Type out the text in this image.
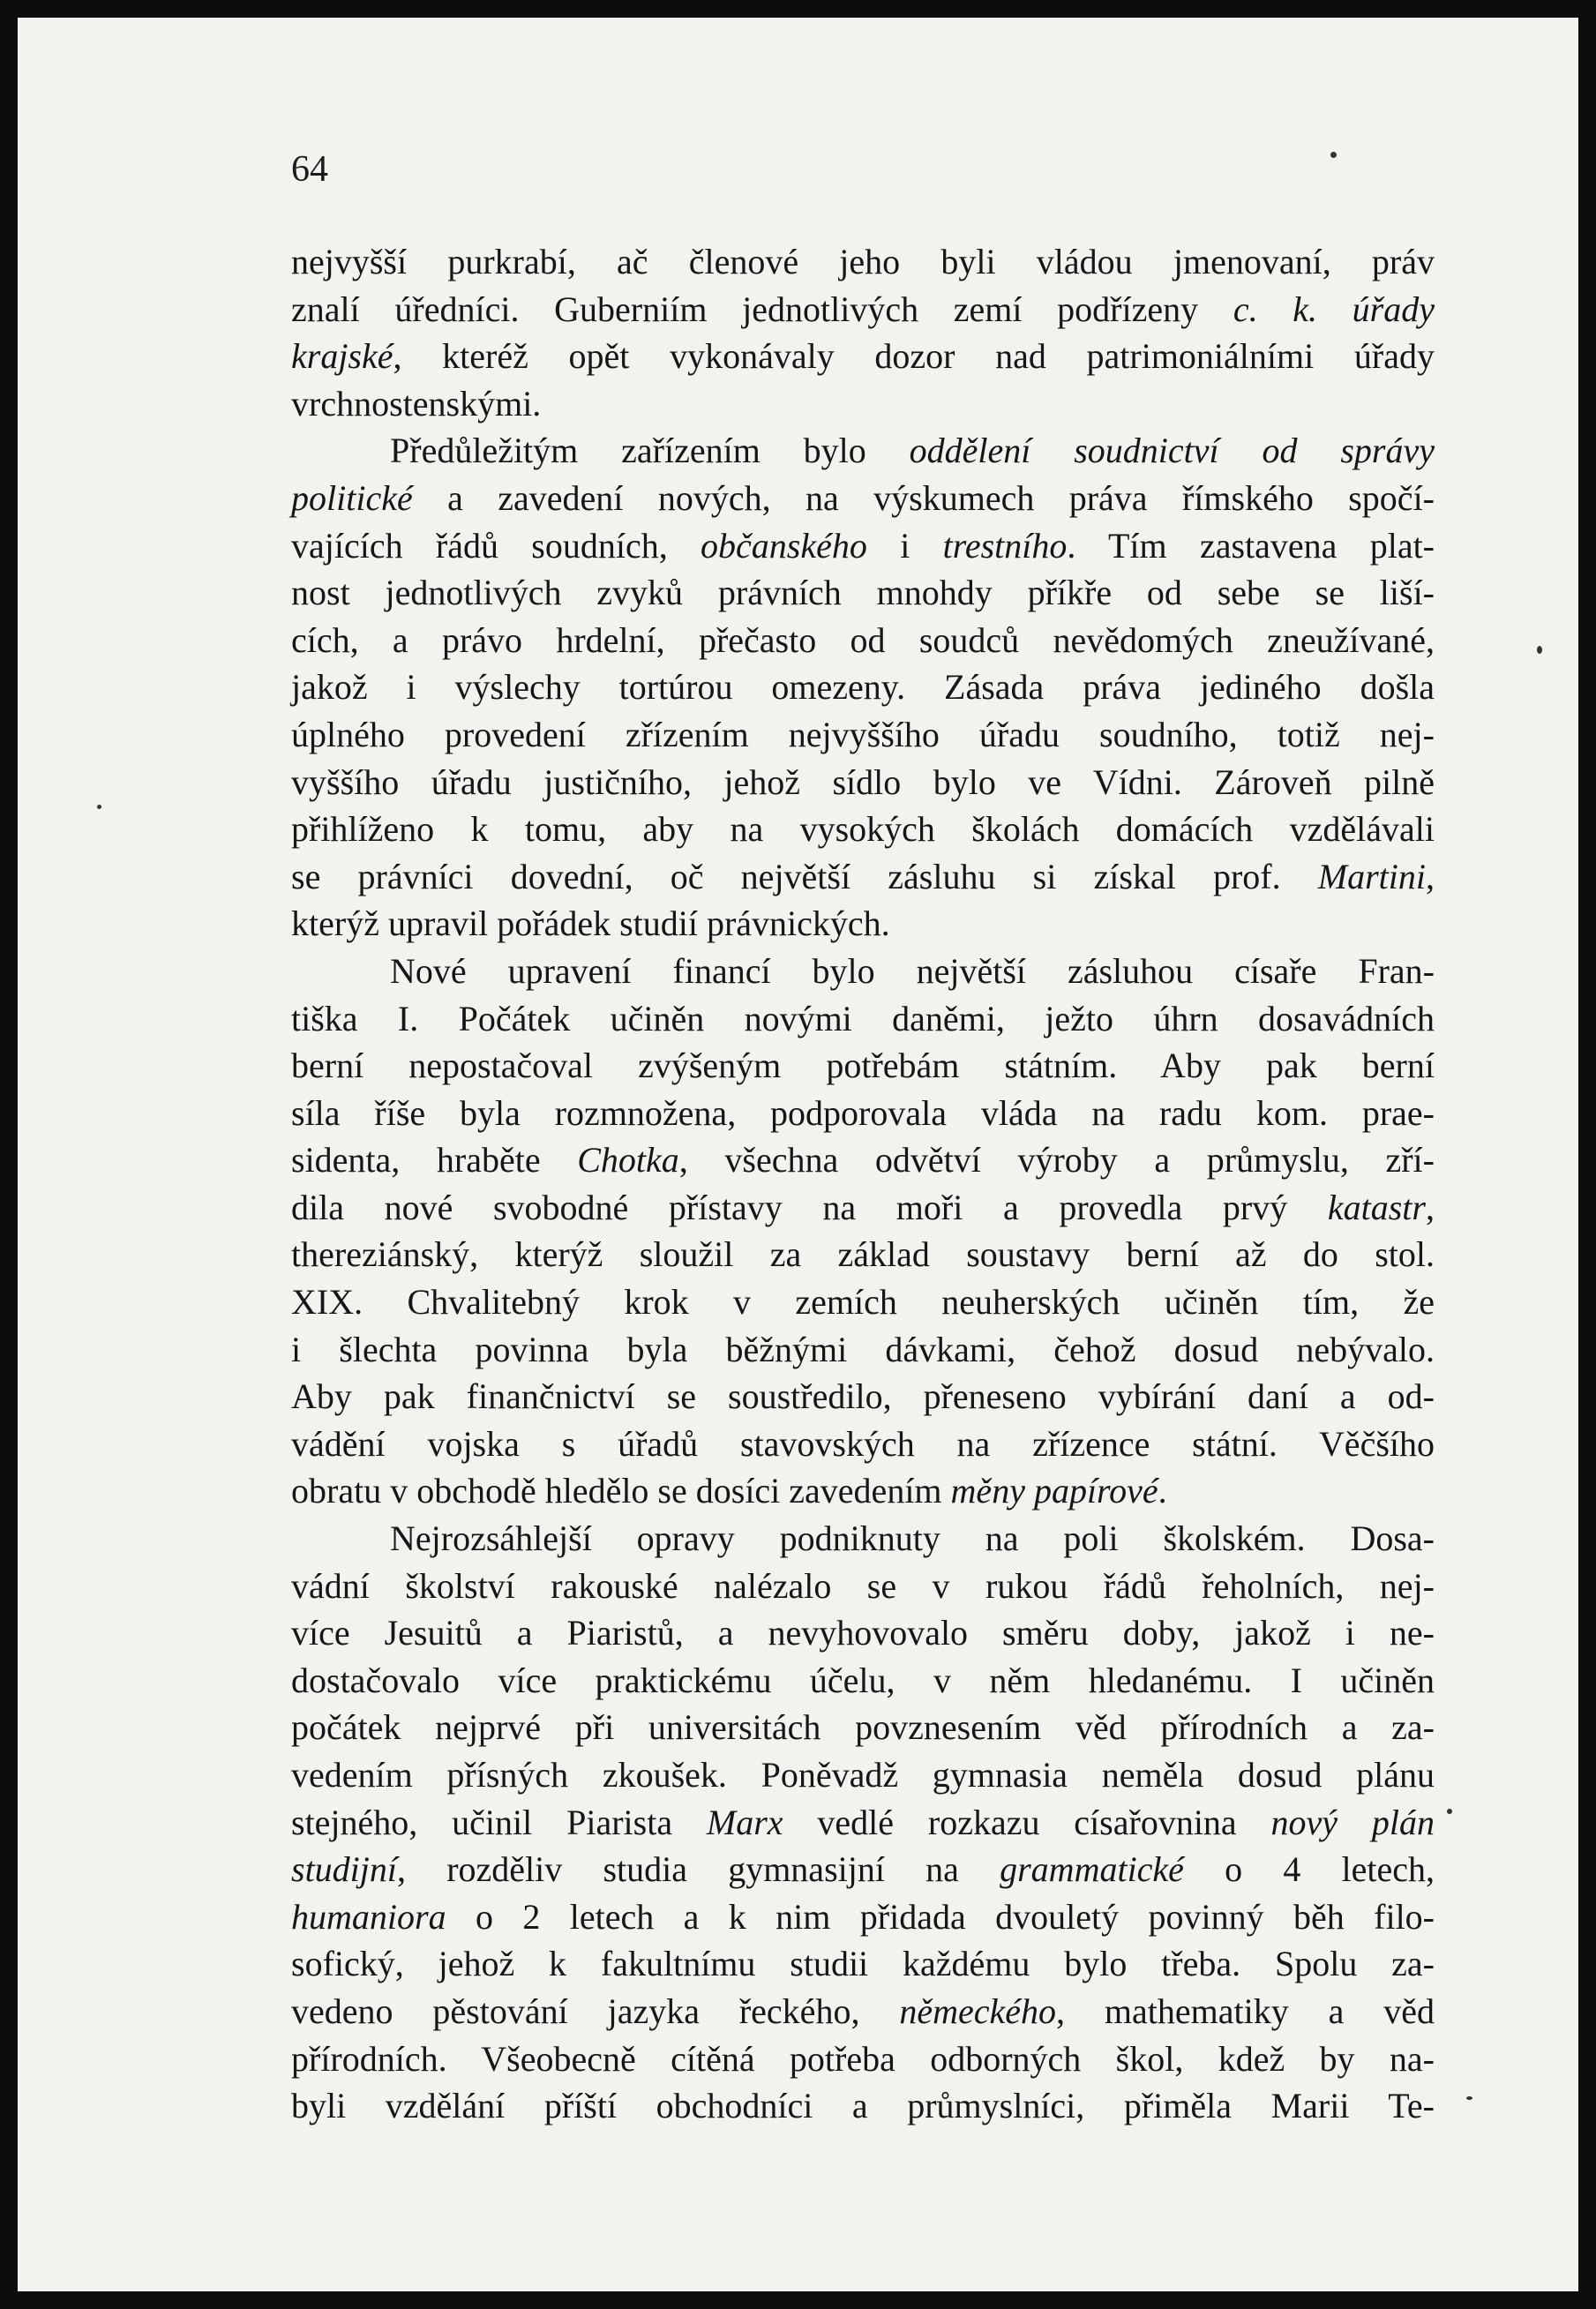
64
nejvyšší purkrabí, ač členové jeho byli vládou jmenovaní, práv
znalí úředníci. Guberniím jednotlivých zemí podřízeny c. k. úřady
krajské, kteréž opět vykonávaly dozor nad patrimoniálními úřady
vrchnostenskými.
Předůležitým zařízením bylo oddělení soudnictví od správy
politické a zavedení nových, na výskumech práva římského spočí-
vajících řádů soudních, občanského i trestního. Tím zastavena plat-
nost jednotlivých zvyků právních mnohdy příkře od sebe se liší-
cích, a právo hrdelní, přečasto od soudců nevědomých zneužívané,
jakož i výslechy tortúrou omezeny. Zásada práva jediného došla
úplného provedení zřízením nejvyššího úřadu soudního, totiž nej-
vyššího úřadu justičního, jehož sídlo bylo ve Vídni. Zároveň pilně
přihlíženo k tomu, aby na vysokých školách domácích vzdělávali
se právníci dovední, oč největší zásluhu si získal prof. Martini,
kterýž upravil pořádek studií právnických.
Nové upravení financí bylo největší zásluhou císaře Fran-
tiška I. Počátek učiněn novými daněmi, ježto úhrn dosavádních
berní nepostačoval zvýšeným potřebám státním. Aby pak berní
síla říše byla rozmnožena, podporovala vláda na radu kom. prae-
sidenta, hraběte Chotka, všechna odvětví výroby a průmyslu, zří-
dila nové svobodné přístavy na moři a provedla prvý katastr,
thereziánský, kterýž sloužil za základ soustavy berní až do stol.
XIX. Chvalitebný krok v zemích neuherských učiněn tím, že
i šlechta povinna byla běžnými dávkami, čehož dosud nebývalo.
Aby pak finančnictví se soustředilo, přeneseno vybírání daní a od-
vádění vojska s úřadů stavovských na zřízence státní. Věčšího
obratu v obchodě hledělo se dosíci zavedením měny papírové.
Nejrozsáhlejší opravy podniknuty na poli školském. Dosa-
vádní školství rakouské nalézalo se v rukou řádů řeholních, nej-
více Jesuitů a Piaristů, a nevyhovovalo směru doby, jakož i ne-
dostačovalo více praktickému účelu, v něm hledanému. I učiněn
počátek nejprvé při universitách povznesením věd přírodních a za-
vedením přísných zkoušek. Poněvadž gymnasia neměla dosud plánu
stejného, učinil Piarista Marx vedlé rozkazu císařovnina nový plán
studijní, rozděliv studia gymnasijní na grammatické o 4 letech,
humaniora o 2 letech a k nim přidada dvouletý povinný běh filo-
sofický, jehož k fakultnímu studii každému bylo třeba. Spolu za-
vedeno pěstování jazyka řeckého, německého, mathematiky a věd
přírodních. Všeobecně cítěná potřeba odborných škol, kdež by na-
byli vzdělání příští obchodníci a průmyslníci, přiměla Marii Te-
